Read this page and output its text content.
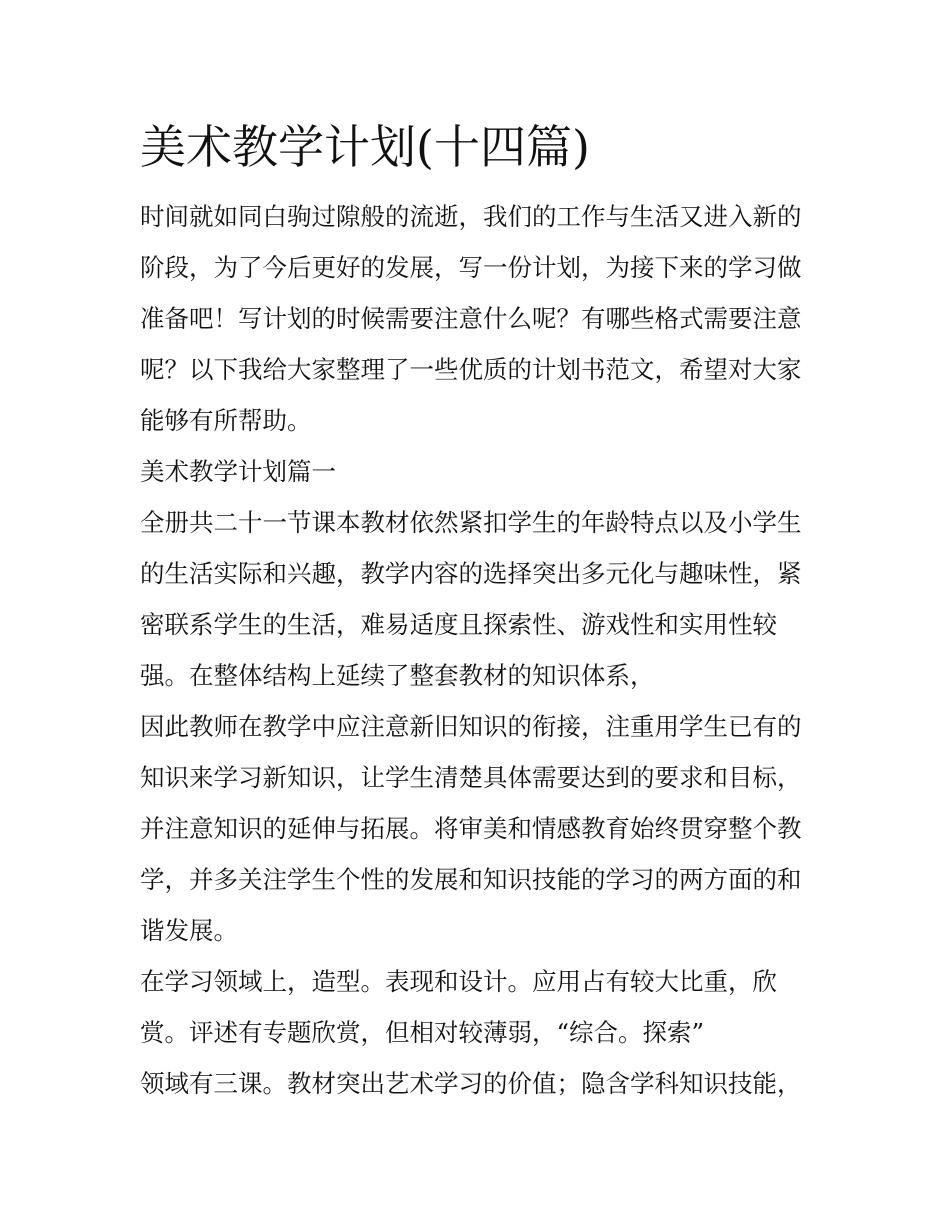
美术教学计划(十四篇)

时间就如同白驹过隙般的流逝，我们的工作与生活又进入新的

阶段，为了今后更好的发展，写一份计划，为接下来的学习做

准备吧！写计划的时候需要注意什么呢？有哪些格式需要注意

呢？以下我给大家整理了一些优质的计划书范文，希望对大家

能够有所帮助。

美术教学计划篇一

全册共二十一节课本教材依然紧扣学生的年龄特点以及小学生

的生活实际和兴趣，教学内容的选择突出多元化与趣味性，紧

密联系学生的生活，难易适度且探索性、游戏性和实用性较

强。在整体结构上延续了整套教材的知识体系，

因此教师在教学中应注意新旧知识的衔接，注重用学生已有的

知识来学习新知识，让学生清楚具体需要达到的要求和目标，

并注意知识的延伸与拓展。将审美和情感教育始终贯穿整个教

学，并多关注学生个性的发展和知识技能的学习的两方面的和

谐发展。

在学习领域上，造型。表现和设计。应用占有较大比重，欣

赏。评述有专题欣赏，但相对较薄弱，“综合。探索”

领域有三课。教材突出艺术学习的价值；隐含学科知识技能，
